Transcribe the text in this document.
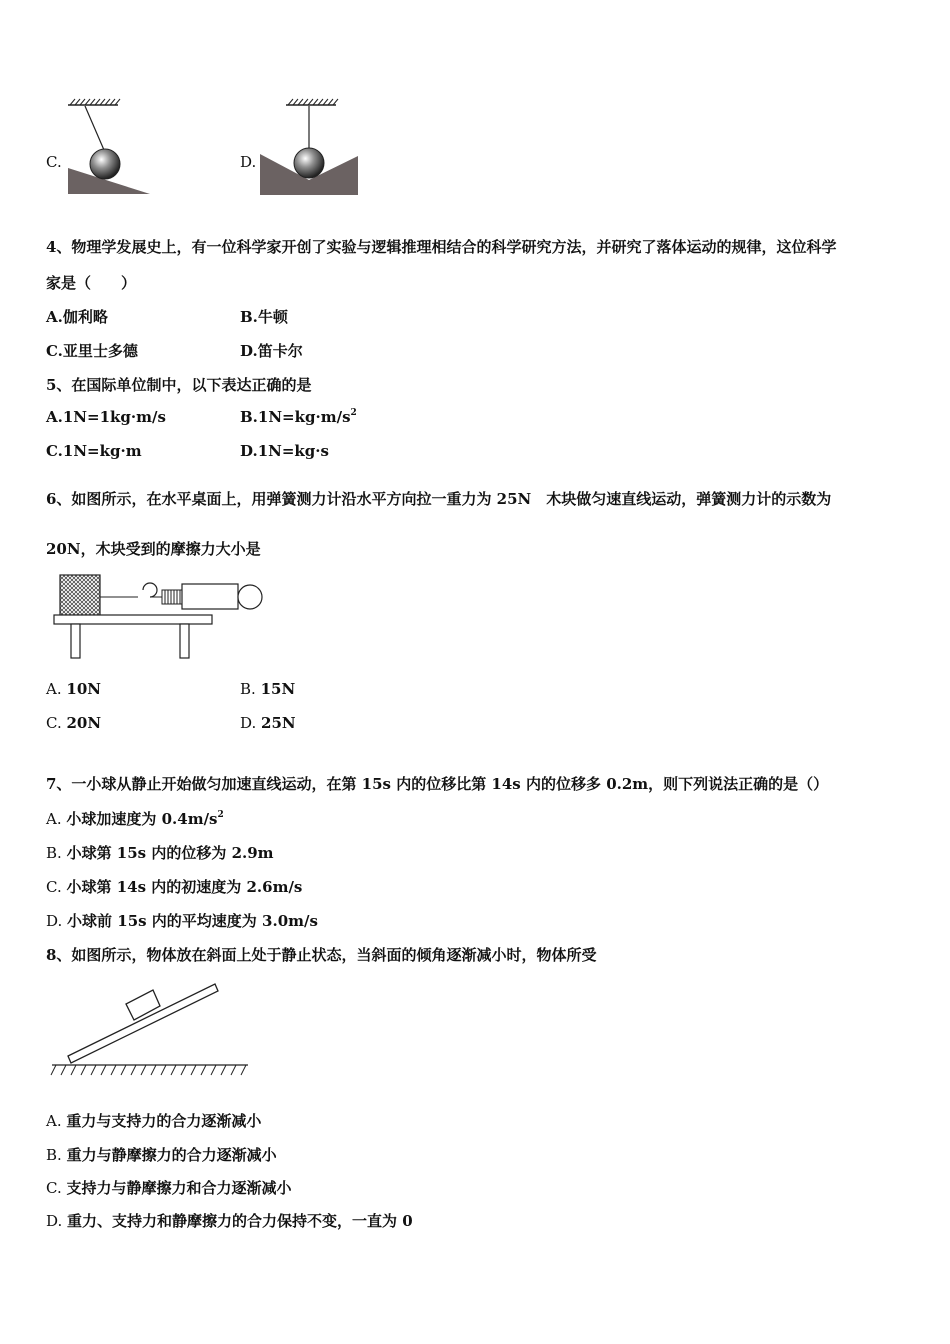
C.	D.
4、物理学发展史上，有一位科学家开创了实验与逻辑推理相结合的科学研究方法，并研究了落体运动的规律，这位科学
家是（　　）
A.伽利略	B.牛顿
C.亚里士多德	D.笛卡尔
5、在国际单位制中，以下表达正确的是
A.1N=1kg·m/s	$B.1N=kg\cdot m/s^2$
C.1N=kg·m	D.1N=kg·s
6、如图所示，在水平桌面上，用弹簧测力计沿水平方向拉一重力为 25N　木块做匀速直线运动，弹簧测力计的示数为
20N，木块受到的摩擦力大小是
A. 10N	B. 15N
C. 20N	D. 25N
7、一小球从静止开始做匀加速直线运动，在第 15s 内的位移比第 14s 内的位移多 0.2m，则下列说法正确的是（）
A. 小球加速度为 $0.4m/s^2$
B. 小球第 15s 内的位移为 2.9m
C. 小球第 14s 内的初速度为 2.6m/s
D. 小球前 15s 内的平均速度为 3.0m/s
8、如图所示，物体放在斜面上处于静止状态，当斜面的倾角逐渐减小时，物体所受
A. 重力与支持力的合力逐渐减小
B. 重力与静摩擦力的合力逐渐减小
C. 支持力与静摩擦力和合力逐渐减小
D. 重力、支持力和静摩擦力的合力保持不变，一直为 0
